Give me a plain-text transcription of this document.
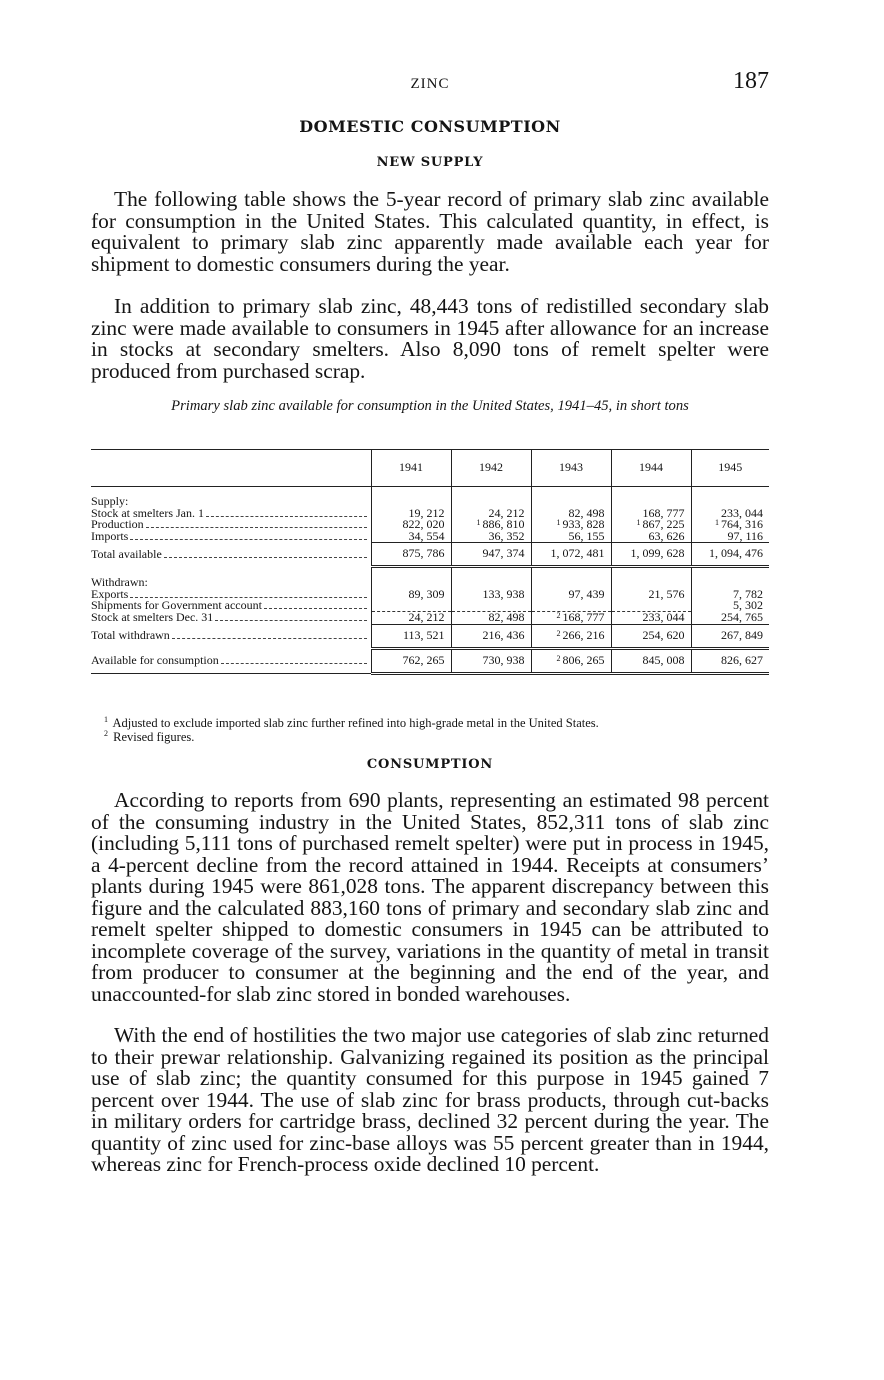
ZINC	187
DOMESTIC CONSUMPTION
NEW SUPPLY

The following table shows the 5-year record of primary slab zinc available for consumption in the United States. This calculated quantity, in effect, is equivalent to primary slab zinc apparently made available each year for shipment to domestic consumers during the year.

In addition to primary slab zinc, 48,443 tons of redistilled secondary slab zinc were made available to consumers in 1945 after allowance for an increase in stocks at secondary smelters. Also 8,090 tons of remelt spelter were produced from purchased scrap.

Primary slab zinc available for consumption in the United States, 1941–45, in short tons
	1941	1942	1943	1944	1945

Supply:					

Stock at smelters Jan. 1	19, 212	24, 212	82, 498	168, 777	233, 044

Production	822, 020	$^1$ 886, 810	$^1$ 933, 828	$^1$ 867, 225	$^1$ 764, 316

Imports	34, 554	36, 352	56, 155	63, 626	97, 116

Total available	875, 786	947, 374	1, 072, 481	1, 099, 628	1, 094, 476

Withdrawn:					

Exports	89, 309	133, 938	97, 439	21, 576	7, 782

Shipments for Government account					5, 302

Stock at smelters Dec. 31	24, 212	82, 498	$^2$ 168, 777	233, 044	254, 765

Total withdrawn	113, 521	216, 436	$^2$ 266, 216	254, 620	267, 849

Available for consumption	762, 265	730, 938	$^2$ 806, 265	845, 008	826, 627
$^1$ Adjusted to exclude imported slab zinc further refined into high-grade metal in the United States.
$^2$ Revised figures.
CONSUMPTION

According to reports from 690 plants, representing an estimated 98 percent of the consuming industry in the United States, 852,311 tons of slab zinc (including 5,111 tons of purchased remelt spelter) were put in process in 1945, a 4-percent decline from the record attained in 1944. Receipts at consumers’ plants during 1945 were 861,028 tons. The apparent discrepancy between this figure and the calculated 883,160 tons of primary and secondary slab zinc and remelt spelter shipped to domestic consumers in 1945 can be attributed to incomplete coverage of the survey, variations in the quantity of metal in transit from producer to consumer at the beginning and the end of the year, and unaccounted-for slab zinc stored in bonded warehouses.

With the end of hostilities the two major use categories of slab zinc returned to their prewar relationship. Galvanizing regained its position as the principal use of slab zinc; the quantity consumed for this purpose in 1945 gained 7 percent over 1944. The use of slab zinc for brass products, through cut-backs in military orders for cartridge brass, declined 32 percent during the year. The quantity of zinc used for zinc-base alloys was 55 percent greater than in 1944, whereas zinc for French-process oxide declined 10 percent.
